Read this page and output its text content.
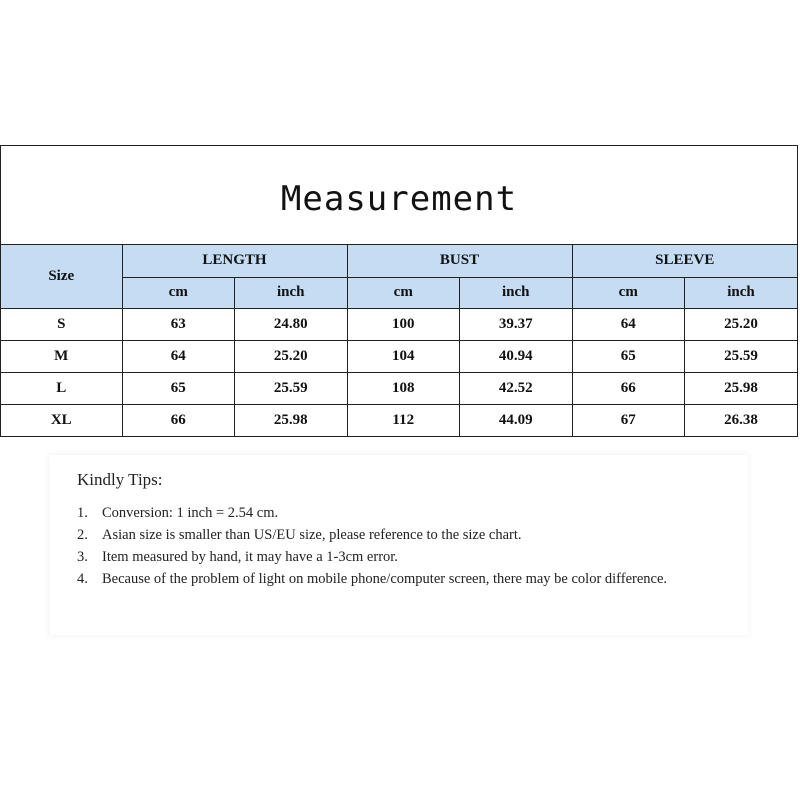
Measurement
Size	LENGTH		BUST		SLEEVE	
	cm	inch	cm	inch	cm	inch
S	63	24.80	100	39.37	64	25.20
M	64	25.20	104	40.94	65	25.59
L	65	25.59	108	42.52	66	25.98
XL	66	25.98	112	44.09	67	26.38
Kindly Tips:
1. Conversion: 1 inch = 2.54 cm.
2. Asian size is smaller than US/EU size, please reference to the size chart.
3. Item measured by hand, it may have a 1-3cm error.
4. Because of the problem of light on mobile phone/computer screen, there may be color difference.
